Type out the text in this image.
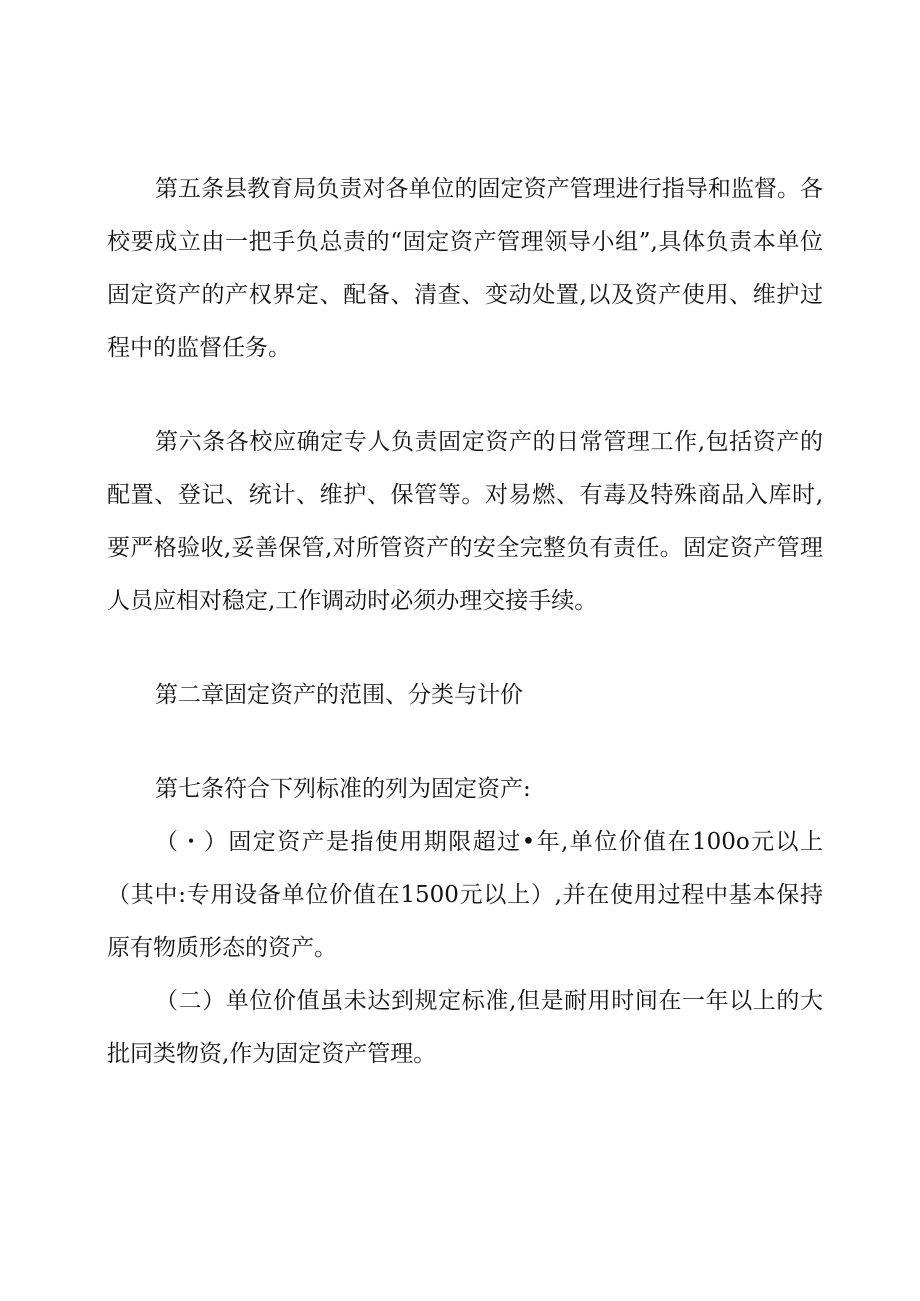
第五条县教育局负责对各单位的固定资产管理进行指导和监督。各校要成立由一把手负总责的“固定资产管理领导小组”,具体负责本单位固定资产的产权界定、配备、清查、变动处置,以及资产使用、维护过程中的监督任务。

第六条各校应确定专人负责固定资产的日常管理工作,包括资产的配置、登记、统计、维护、保管等。对易燃、有毒及特殊商品入库时,要严格验收,妥善保管,对所管资产的安全完整负有责任。固定资产管理人员应相对稳定,工作调动时必须办理交接手续。

第二章固定资产的范围、分类与计价

第七条符合下列标准的列为固定资产:

（・）固定资产是指使用期限超过•年,单位价值在100o元以上（其中:专用设备单位价值在1500元以上）,并在使用过程中基本保持原有物质形态的资产。

（二）单位价值虽未达到规定标准,但是耐用时间在一年以上的大批同类物资,作为固定资产管理。
